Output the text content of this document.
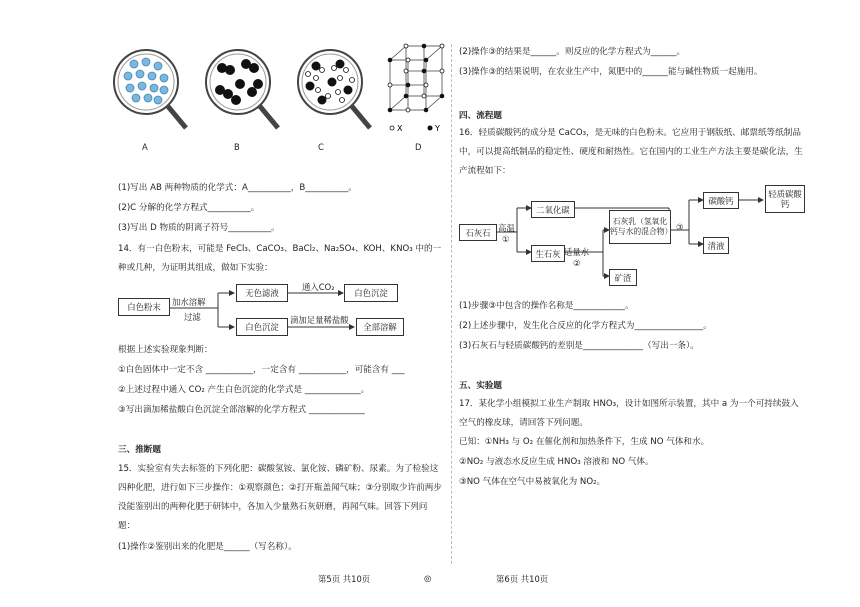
X	Y
A	B	C	D
(1)写出 AB 两种物质的化学式：A__________，B__________。
(2)C 分解的化学方程式__________。
(3)写出 D 物质的阴离子符号__________。
14．有一白色粉末，可能是 FeCl₃、CaCO₃、BaCl₂、Na₂SO₄、KOH、KNO₃ 中的一种或几种，为证明其组成，做如下实验：
白色粉末	加水溶解
过滤
无色滤液
通入CO₂
白色沉淀
白色沉淀
滴加足量稀盐酸
全部溶解
根据上述实验现象判断：
①白色固体中一定不含 ___________，一定含有 ___________，可能含有 ___
②上述过程中通入 CO₂ 产生白色沉淀的化学式是 _____________。
③写出滴加稀盐酸白色沉淀全部溶解的化学方程式 _____________
三、推断题
15．实验室有失去标签的下列化肥：碳酸氢铵、氯化铵、磷矿粉、尿素。为了检验这四种化肥，进行如下三步操作：①观察颜色；②打开瓶盖闻气味；③分别取少许前两步没能鉴别出的两种化肥于研钵中，各加入少量熟石灰研磨，再闻气味。回答下列问题：
(1)操作②鉴别出来的化肥是______（写名称）。
(2)操作③的结果是______。则反应的化学方程式为______。
(3)操作③的结果说明，在农业生产中，氮肥中的______能与碱性物质一起施用。
四、流程题
16．轻质碳酸钙的成分是 CaCO₃，是无味的白色粉末。它应用于钢版纸、邮票纸等纸制品中，可以提高纸制品的稳定性、硬度和耐热性。它在国内的工业生产方法主要是碳化法，生产流程如下：
石灰石 高温
①
二氧化碳
生石灰 适量水
②
石灰乳（氢氧化钙与水的混合物）
矿渣
③
碳酸钙
清液
轻质碳酸钙
(1)步骤③中包含的操作名称是____________。
(2)上述步骤中，发生化合反应的化学方程式为________________。
(3)石灰石与轻质碳酸钙的差别是______________（写出一条）。
五、实验题
17．某化学小组模拟工业生产制取 HNO₃，设计如图所示装置，其中 a 为一个可持续鼓入空气的橡皮球，请回答下列问题。
已知：①NH₃ 与 O₂ 在催化剂和加热条件下，生成 NO 气体和水。
②NO₂ 与液态水反应生成 HNO₃ 溶液和 NO 气体。
③NO 气体在空气中易被氧化为 NO₂。
第5页 共10页	◎	第6页 共10页
